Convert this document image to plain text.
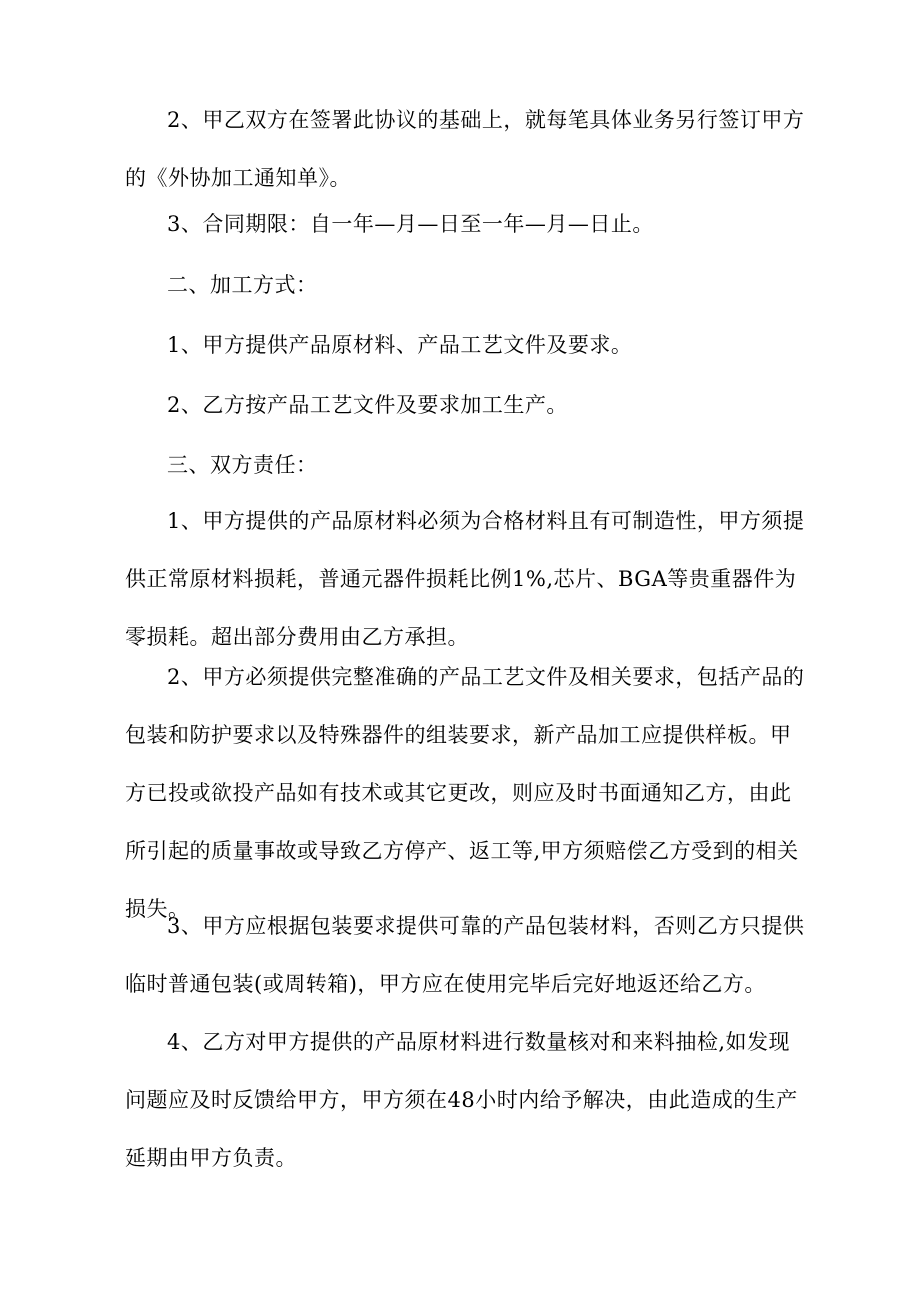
2、甲乙双方在签署此协议的基础上，就每笔具体业务另行签订甲方的《外协加工通知单》。

3、合同期限：自一年—月—日至一年—月—日止。

二、加工方式：

1、甲方提供产品原材料、产品工艺文件及要求。

2、乙方按产品工艺文件及要求加工生产。

三、双方责任：

1、甲方提供的产品原材料必须为合格材料且有可制造性，甲方须提供正常原材料损耗，普通元器件损耗比例1%,芯片、BGA等贵重器件为零损耗。超出部分费用由乙方承担。

2、甲方必须提供完整准确的产品工艺文件及相关要求，包括产品的包装和防护要求以及特殊器件的组装要求，新产品加工应提供样板。甲方已投或欲投产品如有技术或其它更改，则应及时书面通知乙方，由此所引起的质量事故或导致乙方停产、返工等,甲方须赔偿乙方受到的相关损失。

3、甲方应根据包装要求提供可靠的产品包装材料，否则乙方只提供临时普通包装(或周转箱)，甲方应在使用完毕后完好地返还给乙方。

4、乙方对甲方提供的产品原材料进行数量核对和来料抽检,如发现问题应及时反馈给甲方，甲方须在48小时内给予解决，由此造成的生产延期由甲方负责。
